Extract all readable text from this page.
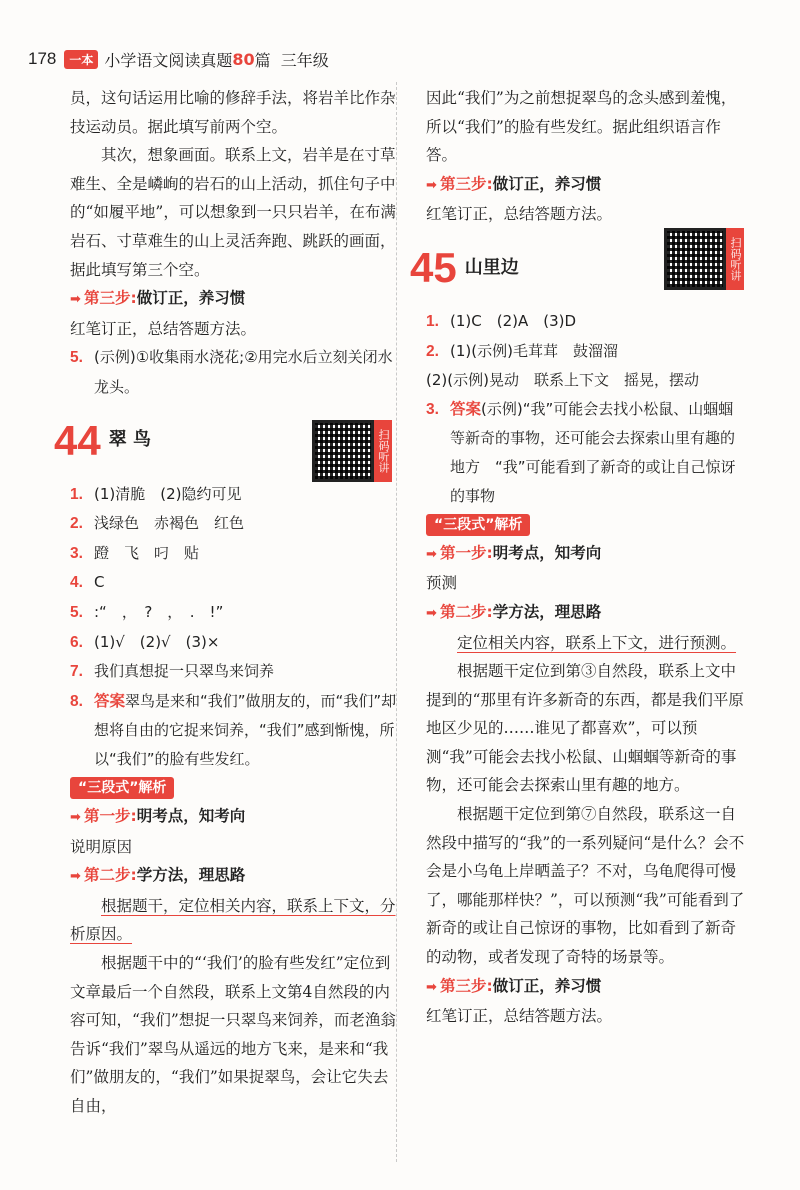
178	一本 小学语文阅读真题 80 篇 三年级

员，这句话运用比喻的修辞手法，将岩羊比作杂技运动员。据此填写前两个空。

其次，想象画面。联系上文，岩羊是在寸草难生、全是嶙峋的岩石的山上活动，抓住句子中的“如履平地”，可以想象到一只只岩羊，在布满岩石、寸草难生的山上灵活奔跑、跳跃的画面，据此填写第三个空。

➡ 第三步:做订正，养习惯

红笔订正，总结答题方法。

5. (示例)①收集雨水浇花;②用完水后立刻关闭水龙头。

44 翠 鸟

1. (1)清脆　(2)隐约可见

2. 浅绿色　赤褐色　红色

3. 蹬　飞　叼　贴

4. C

5. :“　，　?　，　.　!”

6. (1)√　(2)√　(3)×

7. 我们真想捉一只翠鸟来饲养

8. 答案翠鸟是来和“我们”做朋友的，而“我们”却想将自由的它捉来饲养，“我们”感到惭愧，所以“我们”的脸有些发红。

“三段式”解析

➡ 第一步:明考点，知考向

说明原因

➡ 第二步:学方法，理思路

根据题干，定位相关内容，联系上下文，分析原因。

根据题干中的“‘我们’的脸有些发红”定位到文章最后一个自然段，联系上文第4自然段的内容可知，“我们”想捉一只翠鸟来饲养，而老渔翁告诉“我们”翠鸟从遥远的地方飞来，是来和“我们”做朋友的，“我们”如果捉翠鸟，会让它失去自由，

扫码听讲

因此“我们”为之前想捉翠鸟的念头感到羞愧，所以“我们”的脸有些发红。据此组织语言作答。

➡ 第三步:做订正，养习惯

红笔订正，总结答题方法。

45 山里边

1. (1)C　(2)A　(3)D

2. (1)(示例)毛茸茸　鼓溜溜

(2)(示例)晃动　联系上下文　摇晃，摆动

3. 答案(示例)“我”可能会去找小松鼠、山蝈蝈等新奇的事物，还可能会去探索山里有趣的地方　“我”可能看到了新奇的或让自己惊讶的事物

“三段式”解析

➡ 第一步:明考点，知考向

预测

➡ 第二步:学方法，理思路

定位相关内容，联系上下文，进行预测。

根据题干定位到第③自然段，联系上文中提到的“那里有许多新奇的东西，都是我们平原地区少见的……谁见了都喜欢”，可以预测“我”可能会去找小松鼠、山蝈蝈等新奇的事物，还可能会去探索山里有趣的地方。

根据题干定位到第⑦自然段，联系这一自然段中描写的“我”的一系列疑问“是什么？会不会是小乌龟上岸晒盖子？不对，乌龟爬得可慢了，哪能那样快？”，可以预测“我”可能看到了新奇的或让自己惊讶的事物，比如看到了新奇的动物，或者发现了奇特的场景等。

➡ 第三步:做订正，养习惯

红笔订正，总结答题方法。

扫码听讲
